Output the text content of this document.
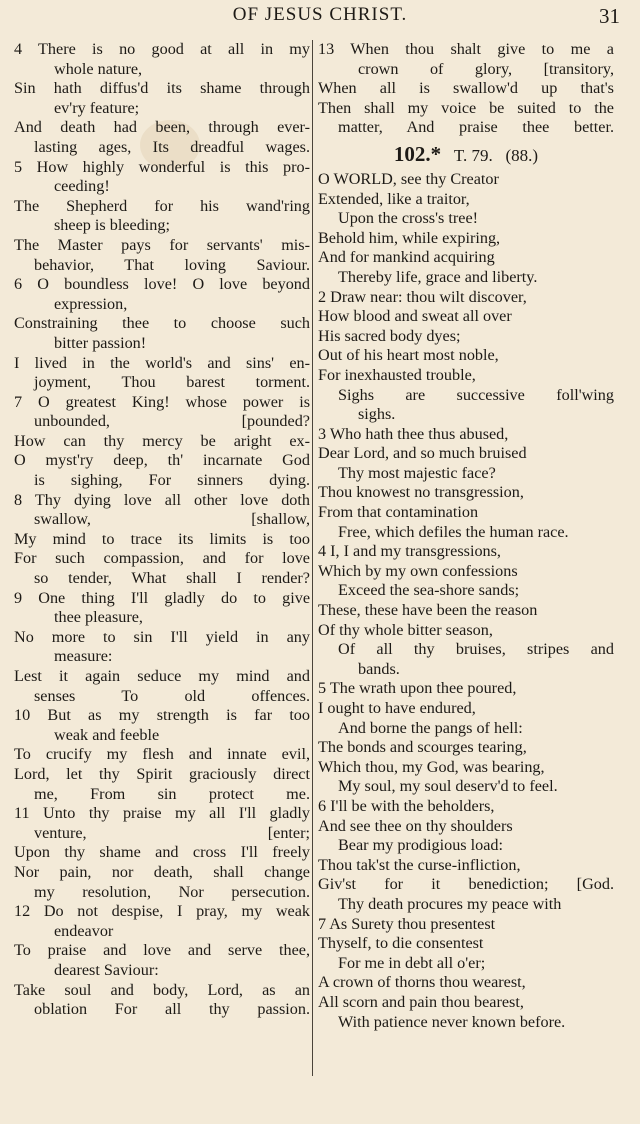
OF JESUS CHRIST.	31
4 There is no good at all in my
whole nature,
Sin hath diffus'd its shame through
ev'ry feature;
And death had been, through ever-
lasting ages, Its dreadful wages.
5 How highly wonderful is this pro-
ceeding!
The Shepherd for his wand'ring
sheep is bleeding;
The Master pays for servants' mis-
behavior, That loving Saviour.
6 O boundless love! O love beyond
expression,
Constraining thee to choose such
bitter passion!
I lived in the world's and sins' en-
joyment, Thou barest torment.
7 O greatest King! whose power is
unbounded, [pounded?
How can thy mercy be aright ex-
O myst'ry deep, th' incarnate God
is sighing, For sinners dying.
8 Thy dying love all other love doth
swallow, [shallow,
My mind to trace its limits is too
For such compassion, and for love
so tender, What shall I render?
9 One thing I'll gladly do to give
thee pleasure,
No more to sin I'll yield in any
measure:
Lest it again seduce my mind and
senses To old offences.
10 But as my strength is far too
weak and feeble
To crucify my flesh and innate evil,
Lord, let thy Spirit graciously direct
me, From sin protect me.
11 Unto thy praise my all I'll gladly
venture, [enter;
Upon thy shame and cross I'll freely
Nor pain, nor death, shall change
my resolution, Nor persecution.
12 Do not despise, I pray, my weak
endeavor
To praise and love and serve thee,
dearest Saviour:
Take soul and body, Lord, as an
oblation For all thy passion.
13 When thou shalt give to me a
crown of glory, [transitory,
When all is swallow'd up that's
Then shall my voice be suited to the
matter, And praise thee better.
102.* T. 79. (88.)
O WORLD, see thy Creator
Extended, like a traitor,
Upon the cross's tree!
Behold him, while expiring,
And for mankind acquiring
Thereby life, grace and liberty.
2 Draw near: thou wilt discover,
How blood and sweat all over
His sacred body dyes;
Out of his heart most noble,
For inexhausted trouble,
Sighs are successive foll'wing
sighs.
3 Who hath thee thus abused,
Dear Lord, and so much bruised
Thy most majestic face?
Thou knowest no transgression,
From that contamination
Free, which defiles the human race.
4 I, I and my transgressions,
Which by my own confessions
Exceed the sea-shore sands;
These, these have been the reason
Of thy whole bitter season,
Of all thy bruises, stripes and
bands.
5 The wrath upon thee poured,
I ought to have endured,
And borne the pangs of hell:
The bonds and scourges tearing,
Which thou, my God, was bearing,
My soul, my soul deserv'd to feel.
6 I'll be with the beholders,
And see thee on thy shoulders
Bear my prodigious load:
Thou tak'st the curse-infliction,
Giv'st for it benediction; [God.
Thy death procures my peace with
7 As Surety thou presentest
Thyself, to die consentest
For me in debt all o'er;
A crown of thorns thou wearest,
All scorn and pain thou bearest,
With patience never known before.
